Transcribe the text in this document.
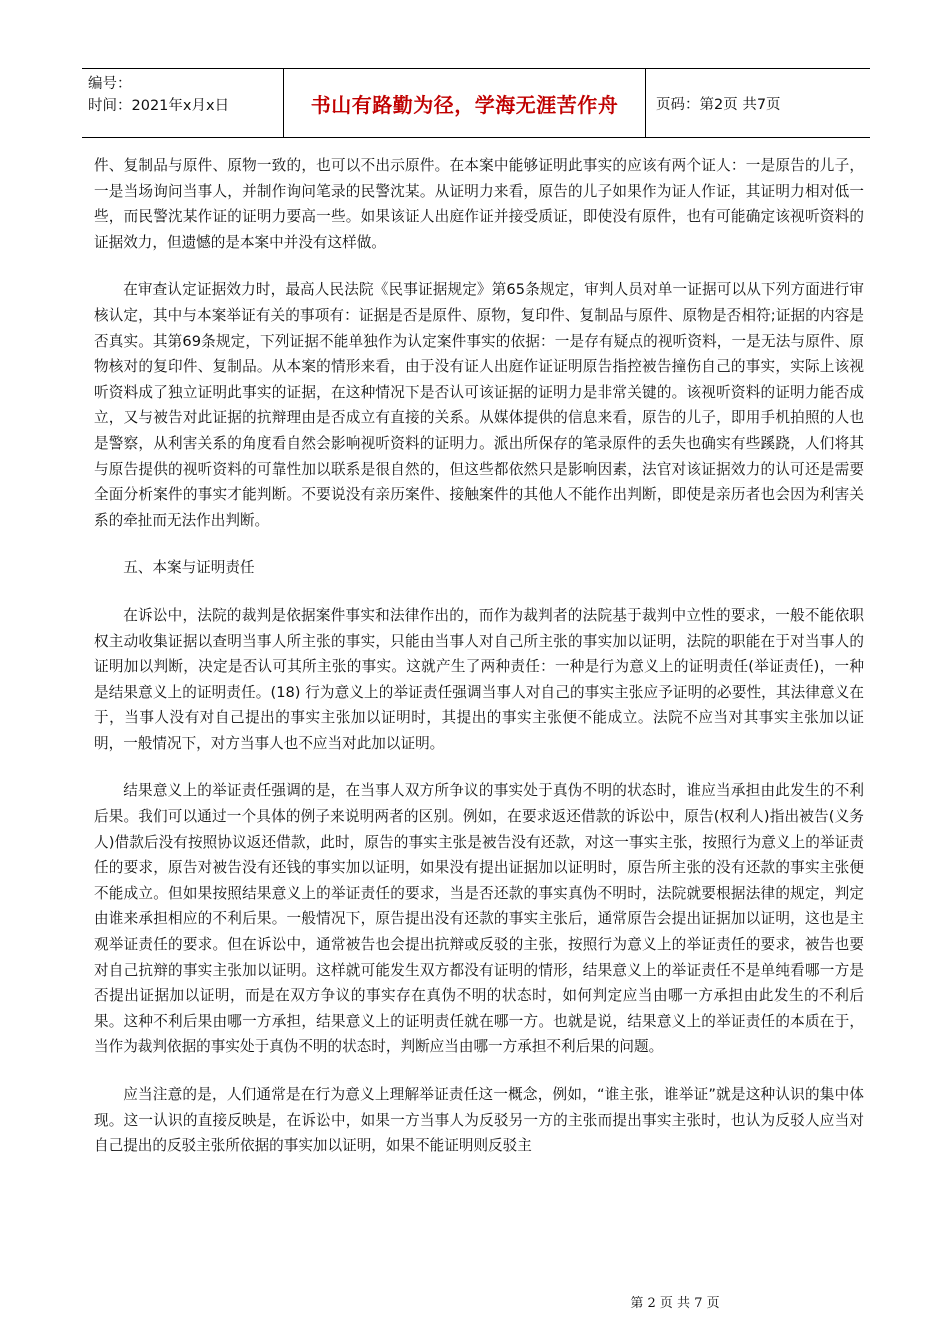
编号：
时间：2021年x月x日	书山有路勤为径，学海无涯苦作舟	页码：第2页 共7页

件、复制品与原件、原物一致的，也可以不出示原件。在本案中能够证明此事实的应该有两个证人：一是原告的儿子，一是当场询问当事人，并制作询问笔录的民警沈某。从证明力来看，原告的儿子如果作为证人作证，其证明力相对低一些，而民警沈某作证的证明力要高一些。如果该证人出庭作证并接受质证，即使没有原件，也有可能确定该视听资料的证据效力，但遗憾的是本案中并没有这样做。

在审查认定证据效力时，最高人民法院《民事证据规定》第65条规定，审判人员对单一证据可以从下列方面进行审核认定，其中与本案举证有关的事项有：证据是否是原件、原物，复印件、复制品与原件、原物是否相符;证据的内容是否真实。其第69条规定，下列证据不能单独作为认定案件事实的依据：一是存有疑点的视听资料，一是无法与原件、原物核对的复印件、复制品。从本案的情形来看，由于没有证人出庭作证证明原告指控被告撞伤自己的事实，实际上该视听资料成了独立证明此事实的证据，在这种情况下是否认可该证据的证明力是非常关键的。该视听资料的证明力能否成立，又与被告对此证据的抗辩理由是否成立有直接的关系。从媒体提供的信息来看，原告的儿子，即用手机拍照的人也是警察，从利害关系的角度看自然会影响视听资料的证明力。派出所保存的笔录原件的丢失也确实有些蹊跷，人们将其与原告提供的视听资料的可靠性加以联系是很自然的，但这些都依然只是影响因素，法官对该证据效力的认可还是需要全面分析案件的事实才能判断。不要说没有亲历案件、接触案件的其他人不能作出判断，即使是亲历者也会因为利害关系的牵扯而无法作出判断。

五、本案与证明责任

在诉讼中，法院的裁判是依据案件事实和法律作出的，而作为裁判者的法院基于裁判中立性的要求，一般不能依职权主动收集证据以查明当事人所主张的事实，只能由当事人对自己所主张的事实加以证明，法院的职能在于对当事人的证明加以判断，决定是否认可其所主张的事实。这就产生了两种责任：一种是行为意义上的证明责任(举证责任)，一种是结果意义上的证明责任。(18) 行为意义上的举证责任强调当事人对自己的事实主张应予证明的必要性，其法律意义在于，当事人没有对自己提出的事实主张加以证明时，其提出的事实主张便不能成立。法院不应当对其事实主张加以证明，一般情况下，对方当事人也不应当对此加以证明。

结果意义上的举证责任强调的是，在当事人双方所争议的事实处于真伪不明的状态时，谁应当承担由此发生的不利后果。我们可以通过一个具体的例子来说明两者的区别。例如，在要求返还借款的诉讼中，原告(权利人)指出被告(义务人)借款后没有按照协议返还借款，此时，原告的事实主张是被告没有还款，对这一事实主张，按照行为意义上的举证责任的要求，原告对被告没有还钱的事实加以证明，如果没有提出证据加以证明时，原告所主张的没有还款的事实主张便不能成立。但如果按照结果意义上的举证责任的要求，当是否还款的事实真伪不明时，法院就要根据法律的规定，判定由谁来承担相应的不利后果。一般情况下，原告提出没有还款的事实主张后，通常原告会提出证据加以证明，这也是主观举证责任的要求。但在诉讼中，通常被告也会提出抗辩或反驳的主张，按照行为意义上的举证责任的要求，被告也要对自己抗辩的事实主张加以证明。这样就可能发生双方都没有证明的情形，结果意义上的举证责任不是单纯看哪一方是否提出证据加以证明，而是在双方争议的事实存在真伪不明的状态时，如何判定应当由哪一方承担由此发生的不利后果。这种不利后果由哪一方承担，结果意义上的证明责任就在哪一方。也就是说，结果意义上的举证责任的本质在于，当作为裁判依据的事实处于真伪不明的状态时，判断应当由哪一方承担不利后果的问题。

应当注意的是，人们通常是在行为意义上理解举证责任这一概念，例如，“谁主张，谁举证”就是这种认识的集中体现。这一认识的直接反映是，在诉讼中，如果一方当事人为反驳另一方的主张而提出事实主张时，也认为反驳人应当对自己提出的反驳主张所依据的事实加以证明，如果不能证明则反驳主

第 2 页 共 7 页
